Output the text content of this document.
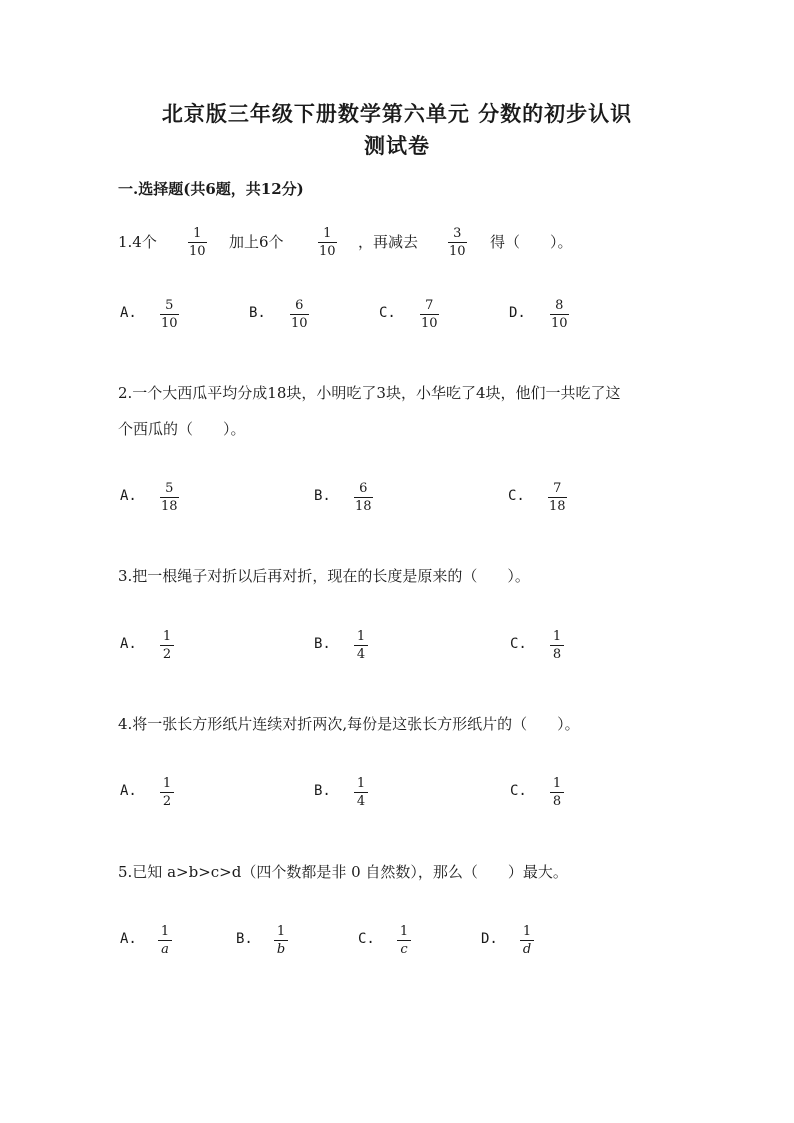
北京版三年级下册数学第六单元 分数的初步认识
测试卷
一.选择题(共6题，共12分)
1.4个	1
10
加上6个	1
10
，再减去	3
10
得（　　）。
A. 5
10
B. 6
10
C. 7
10
D. 8
10
2.一个大西瓜平均分成18块，小明吃了3块，小华吃了4块，他们一共吃了这
个西瓜的（　　）。
A. 5
18
B. 6
18
C. 7
18
3.把一根绳子对折以后再对折，现在的长度是原来的（　　）。
A. 1
2
B. 1
4
C. 1
8
4.将一张长方形纸片连续对折两次,每份是这张长方形纸片的（　　）。
A. 1
2
B. 1
4
C. 1
8
5.已知 a>b>c>d（四个数都是非 0 自然数），那么（　　）最大。
A. 1
a
B. 1
b
C. 1
c
D. 1
d
